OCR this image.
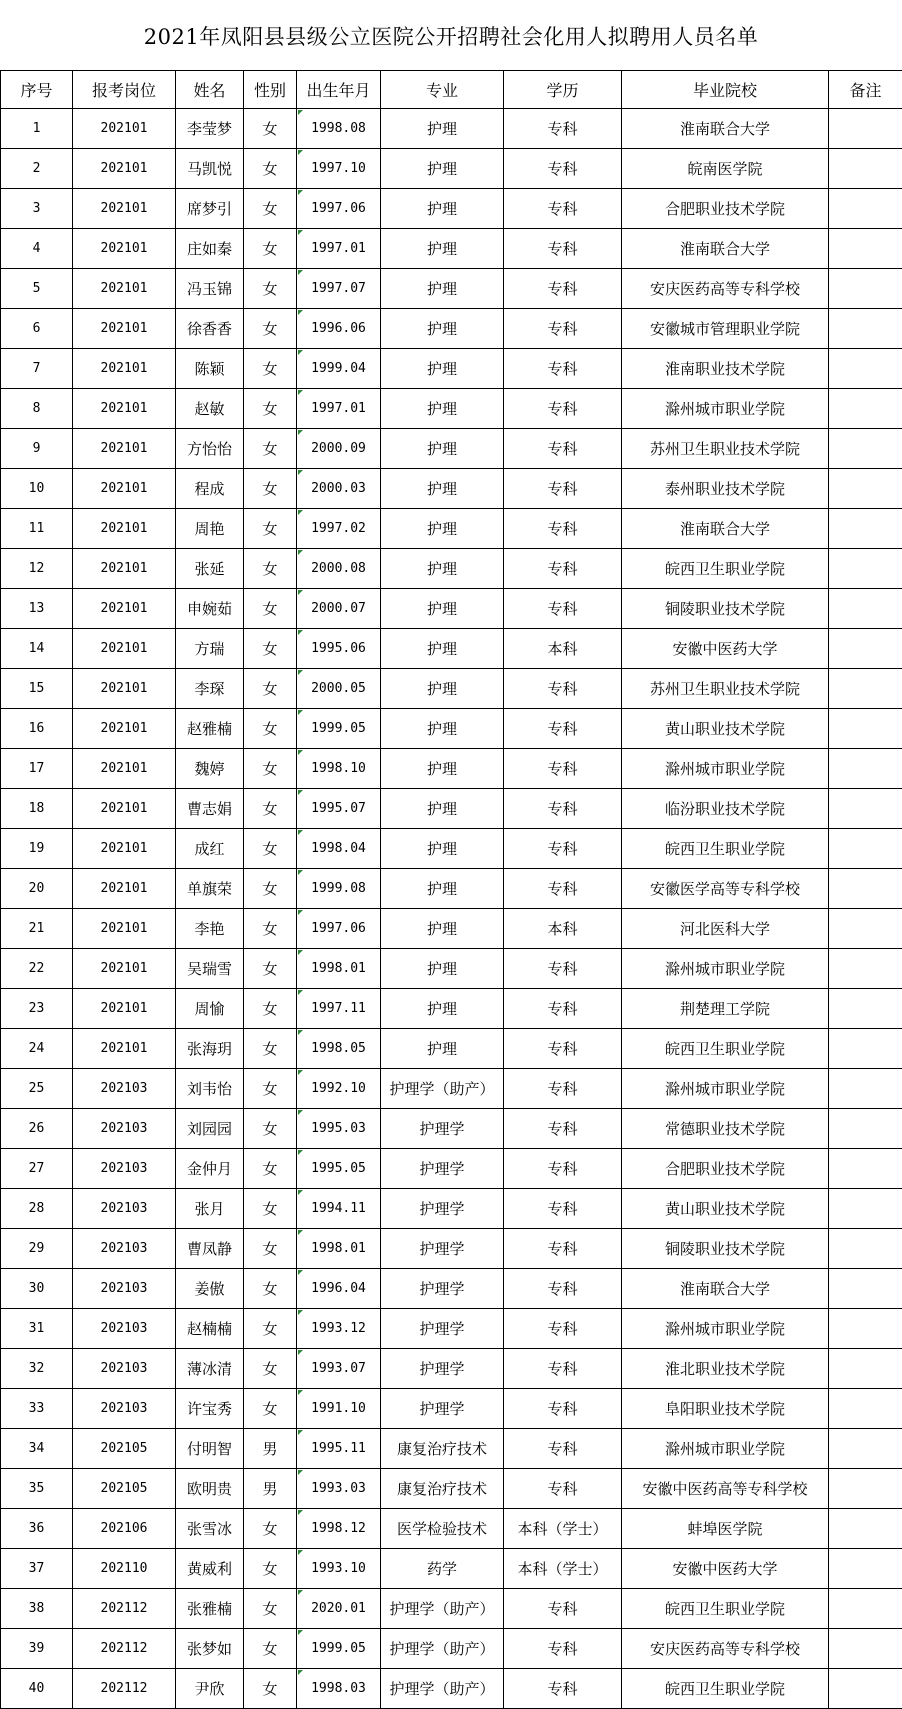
2021年凤阳县县级公立医院公开招聘社会化用人拟聘用人员名单
序号	报考岗位	姓名	性别	出生年月	专业	学历	毕业院校	备注
1	202101	李莹梦	女	1998.08	护理	专科	淮南联合大学	
2	202101	马凯悦	女	1997.10	护理	专科	皖南医学院	
3	202101	席梦引	女	1997.06	护理	专科	合肥职业技术学院	
4	202101	庄如秦	女	1997.01	护理	专科	淮南联合大学	
5	202101	冯玉锦	女	1997.07	护理	专科	安庆医药高等专科学校	
6	202101	徐香香	女	1996.06	护理	专科	安徽城市管理职业学院	
7	202101	陈颖	女	1999.04	护理	专科	淮南职业技术学院	
8	202101	赵敏	女	1997.01	护理	专科	滁州城市职业学院	
9	202101	方怡怡	女	2000.09	护理	专科	苏州卫生职业技术学院	
10	202101	程成	女	2000.03	护理	专科	泰州职业技术学院	
11	202101	周艳	女	1997.02	护理	专科	淮南联合大学	
12	202101	张延	女	2000.08	护理	专科	皖西卫生职业学院	
13	202101	申婉茹	女	2000.07	护理	专科	铜陵职业技术学院	
14	202101	方瑞	女	1995.06	护理	本科	安徽中医药大学	
15	202101	李琛	女	2000.05	护理	专科	苏州卫生职业技术学院	
16	202101	赵雅楠	女	1999.05	护理	专科	黄山职业技术学院	
17	202101	魏婷	女	1998.10	护理	专科	滁州城市职业学院	
18	202101	曹志娟	女	1995.07	护理	专科	临汾职业技术学院	
19	202101	成红	女	1998.04	护理	专科	皖西卫生职业学院	
20	202101	单旗荣	女	1999.08	护理	专科	安徽医学高等专科学校	
21	202101	李艳	女	1997.06	护理	本科	河北医科大学	
22	202101	吴瑞雪	女	1998.01	护理	专科	滁州城市职业学院	
23	202101	周愉	女	1997.11	护理	专科	荆楚理工学院	
24	202101	张海玥	女	1998.05	护理	专科	皖西卫生职业学院	
25	202103	刘韦怡	女	1992.10	护理学（助产）	专科	滁州城市职业学院	
26	202103	刘园园	女	1995.03	护理学	专科	常德职业技术学院	
27	202103	金仲月	女	1995.05	护理学	专科	合肥职业技术学院	
28	202103	张月	女	1994.11	护理学	专科	黄山职业技术学院	
29	202103	曹凤静	女	1998.01	护理学	专科	铜陵职业技术学院	
30	202103	姜傲	女	1996.04	护理学	专科	淮南联合大学	
31	202103	赵楠楠	女	1993.12	护理学	专科	滁州城市职业学院	
32	202103	薄冰清	女	1993.07	护理学	专科	淮北职业技术学院	
33	202103	许宝秀	女	1991.10	护理学	专科	阜阳职业技术学院	
34	202105	付明智	男	1995.11	康复治疗技术	专科	滁州城市职业学院	
35	202105	欧明贵	男	1993.03	康复治疗技术	专科	安徽中医药高等专科学校	
36	202106	张雪冰	女	1998.12	医学检验技术	本科（学士）	蚌埠医学院	
37	202110	黄威利	女	1993.10	药学	本科（学士）	安徽中医药大学	
38	202112	张雅楠	女	2020.01	护理学（助产）	专科	皖西卫生职业学院	
39	202112	张梦如	女	1999.05	护理学（助产）	专科	安庆医药高等专科学校	
40	202112	尹欣	女	1998.03	护理学（助产）	专科	皖西卫生职业学院	
